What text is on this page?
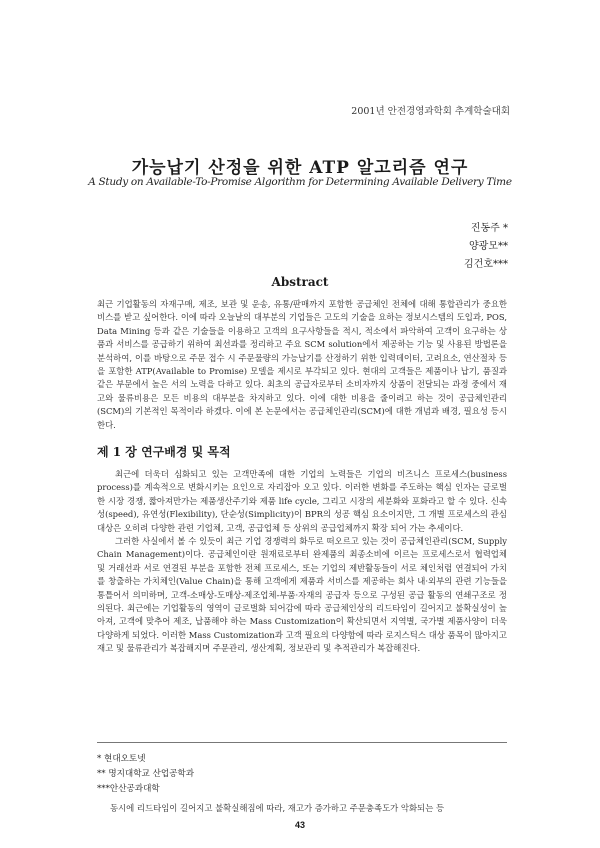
2001년 안전경영과학회 추계학술대회
가능납기 산정을 위한 ATP 알고리즘 연구
A Study on Available-To-Promise Algorithm for Determining Available Delivery Time
진동주 *
양광모**
김건호***
Abstract
최근 기업활동의 자재구매, 제조, 보관 및 운송, 유통/판매까지 포함한 공급체인 전체에 대해 통합관리가 중요한 비스를 받고 싶어한다. 이에 따라 오늘날의 대부분의 기업들은 고도의 기술을 요하는 정보시스템의 도입과, POS, Data Mining 등과 같은 기술들을 이용하고 고객의 요구사항들을 적시, 적소에서 파악하여 고객이 요구하는 상품과 서비스를 공급하기 위하여 최선과를 정리하고 주요 SCM solution에서 제공하는 기능 및 사용된 방법론을 분석하여, 이를 바탕으로 주문 접수 시 주문물량의 가능납기를 산정하기 위한 입력데이터, 고려요소, 연산절차 등을 포함한 ATP(Available to Promise) 모델을 제시로 부각되고 있다. 현대의 고객들은 제품이나 납기, 품질과 같은 부문에서 높은 서의 노력을 다하고 있다. 최초의 공급자로부터 소비자까지 상품이 전달되는 과정 중에서 재고와 물류비용은 모든 비용의 대부분을 차지하고 있다. 이에 대한 비용을 줄이려고 하는 것이 공급체인관리(SCM)의 기본적인 목적이라 하겠다. 이에 본 논문에서는 공급체인관리(SCM)에 대한 개념과 배경, 필요성 등시한다.
제 1 장 연구배경 및 목적

최근에 더욱더 심화되고 있는 고객만족에 대한 기업의 노력들은 기업의 비즈니스 프로세스(business process)를 계속적으로 변화시키는 요인으로 자리잡아 오고 있다. 이러한 변화를 주도하는 핵심 인자는 글로벌한 시장 경쟁, 짧아져만가는 제품생산주기와 제품 life cycle, 그리고 시장의 세분화와 포화라고 할 수 있다. 신속성(speed), 유연성(Flexibility), 단순성(Simplicity)이 BPR의 성공 핵심 요소이지만, 그 개별 프로세스의 관심대상은 오히려 다양한 관련 기업체, 고객, 공급업체 등 상위의 공급업체까지 확장 되어 가는 추세이다.

그러한 사실에서 볼 수 있듯이 최근 기업 경쟁력의 화두로 떠오르고 있는 것이 공급체인관리(SCM, Supply Chain Management)이다. 공급체인이란 원재료로부터 완제품의 최종소비에 이르는 프로세스로서 협력업체 및 거래선과 서로 연결된 부분을 포함한 전체 프로세스, 또는 기업의 제반활동들이 서로 체인처럼 연결되어 가치를 창출하는 가치체인(Value Chain)을 통해 고객에게 제품과 서비스를 제공하는 회사 내·외부의 관련 기능들을 통틀어서 의미하며, 고객-소매상-도매상-제조업체-부품·자재의 공급자 등으로 구성된 공급 활동의 연쇄구조로 정의된다. 최근에는 기업활동의 영역이 글로벌화 되어감에 따라 공급체인상의 리드타임이 길어지고 불확실성이 높아져, 고객에 맞추어 제조, 납품해야 하는 Mass Customization이 확산되면서 지역별, 국가별 제품사양이 더욱 다양하게 되었다. 이러한 Mass Customization과 고객 필요의 다양함에 따라 로지스틱스 대상 품목이 많아지고 재고 및 물류관리가 복잡해지며 주문관리, 생산계획, 정보관리 및 추적관리가 복잡해진다.

* 현대오토넷
** 명지대학교 산업공학과
***안산공과대학
동시에 리드타임이 길어지고 불확실해짐에 따라, 재고가 증가하고 주문충족도가 악화되는 등
43
